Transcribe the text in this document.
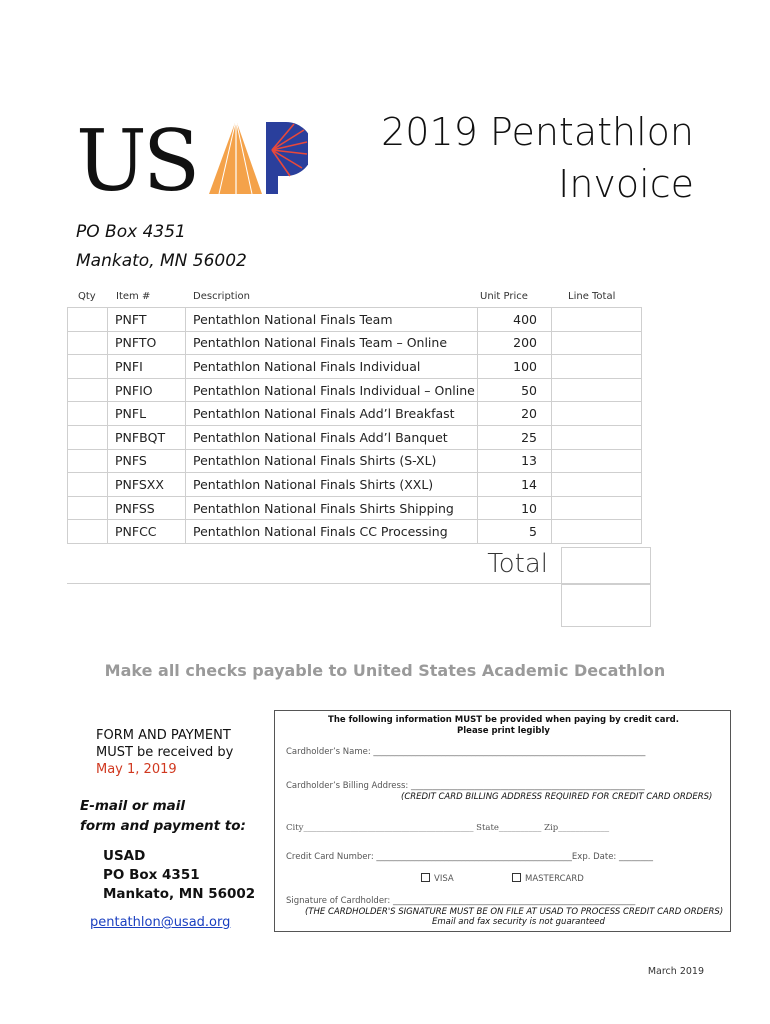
US	2019 Pentathlon
Invoice
PO Box 4351
Mankato, MN 56002
Qty Item #	Description	Unit Price	Line Total
	PNFT	Pentathlon National Finals Team	400	
	PNFTO	Pentathlon National Finals Team – Online	200	
	PNFI	Pentathlon National Finals Individual	100	
	PNFIO	Pentathlon National Finals Individual – Online	50	
	PNFL	Pentathlon National Finals Add’l Breakfast	20	
	PNFBQT	Pentathlon National Finals Add’l Banquet	25	
	PNFS	Pentathlon National Finals Shirts (S-XL)	13	
	PNFSXX	Pentathlon National Finals Shirts (XXL)	14	
	PNFSS	Pentathlon National Finals Shirts Shipping	10	
	PNFCC	Pentathlon National Finals CC Processing	5	
Total
Make all checks payable to United States Academic Decathlon
FORM AND PAYMENT
MUST be received by
May 1, 2019
E-mail or mail
form and payment to:
USAD
PO Box 4351
Mankato, MN 56002
pentathlon@usad.org
The following information MUST be provided when paying by credit card.
Please print legibly
Cardholder’s Name: ________________________________________________________________
Cardholder’s Billing Address: _______________________________________________________
(CREDIT CARD BILLING ADDRESS REQUIRED FOR CREDIT CARD ORDERS)
City________________________________________ State__________ Zip____________
Credit Card Number: ______________________________________________Exp. Date: ________
VISA	MASTERCARD
Signature of Cardholder: _________________________________________________________
(THE CARDHOLDER'S SIGNATURE MUST BE ON FILE AT USAD TO PROCESS CREDIT CARD ORDERS)
Email and fax security is not guaranteed
March 2019
